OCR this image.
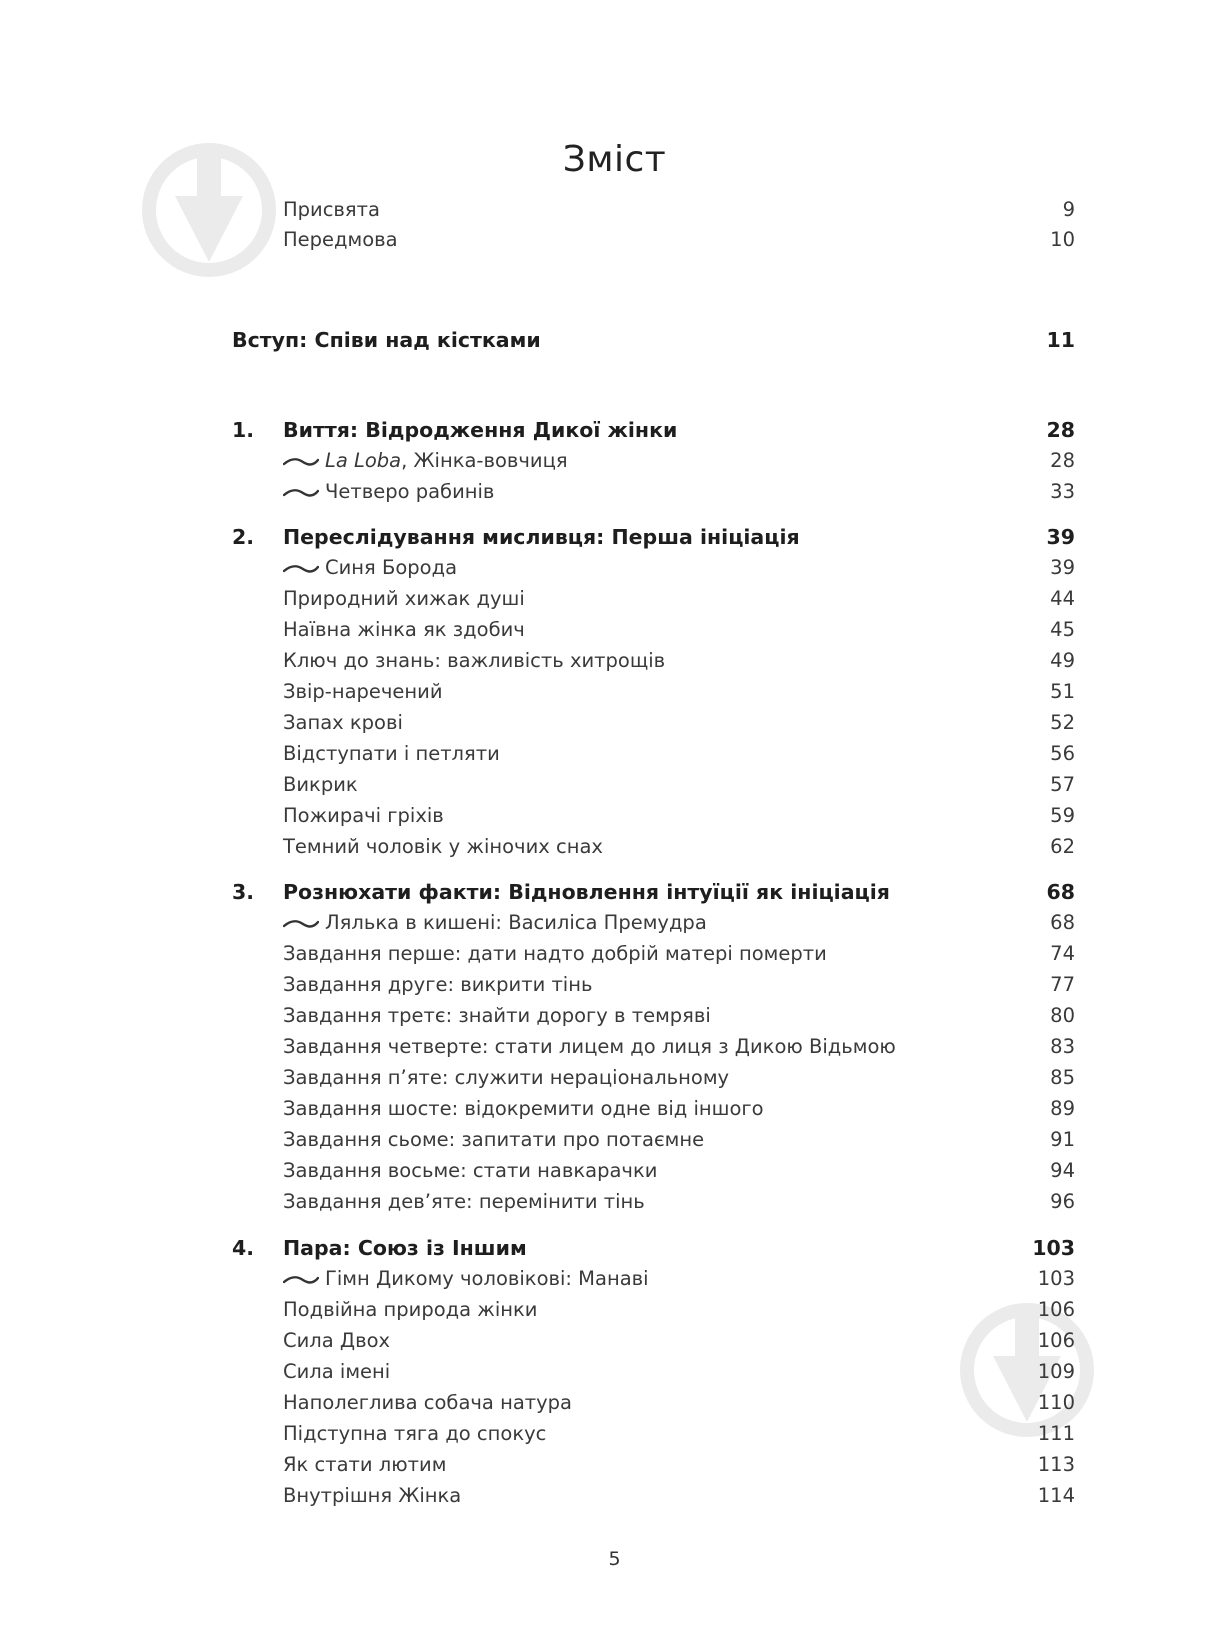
Зміст
Присвята	9
Передмова	10
Вступ: Співи над кістками	11
1.	Виття: Відродження Дикої жінки	28
La Loba, Жінка-вовчиця	28
Четверо рабинів	33
2.	Переслідування мисливця: Перша ініціація	39
Синя Борода	39
Природний хижак душі	44
Наївна жінка як здобич	45
Ключ до знань: важливість хитрощів	49
Звір-наречений	51
Запах крові	52
Відступати і петляти	56
Викрик	57
Пожирачі гріхів	59
Темний чоловік у жіночих снах	62
3.	Рознюхати факти: Відновлення інтуїції як ініціація	68
Лялька в кишені: Василіса Премудра	68
Завдання перше: дати надто добрій матері померти	74
Завдання друге: викрити тінь	77
Завдання третє: знайти дорогу в темряві	80
Завдання четверте: стати лицем до лиця з Дикою Відьмою	83
Завдання п’яте: служити нераціональному	85
Завдання шосте: відокремити одне від іншого	89
Завдання сьоме: запитати про потаємне	91
Завдання восьме: стати навкарачки	94
Завдання дев’яте: перемінити тінь	96
4.	Пара: Союз із Іншим	103
Гімн Дикому чоловікові: Манаві	103
Подвійна природа жінки	106
Сила Двох	106
Сила імені	109
Наполеглива собача натура	110
Підступна тяга до спокус	111
Як стати лютим	113
Внутрішня Жінка	114
5
